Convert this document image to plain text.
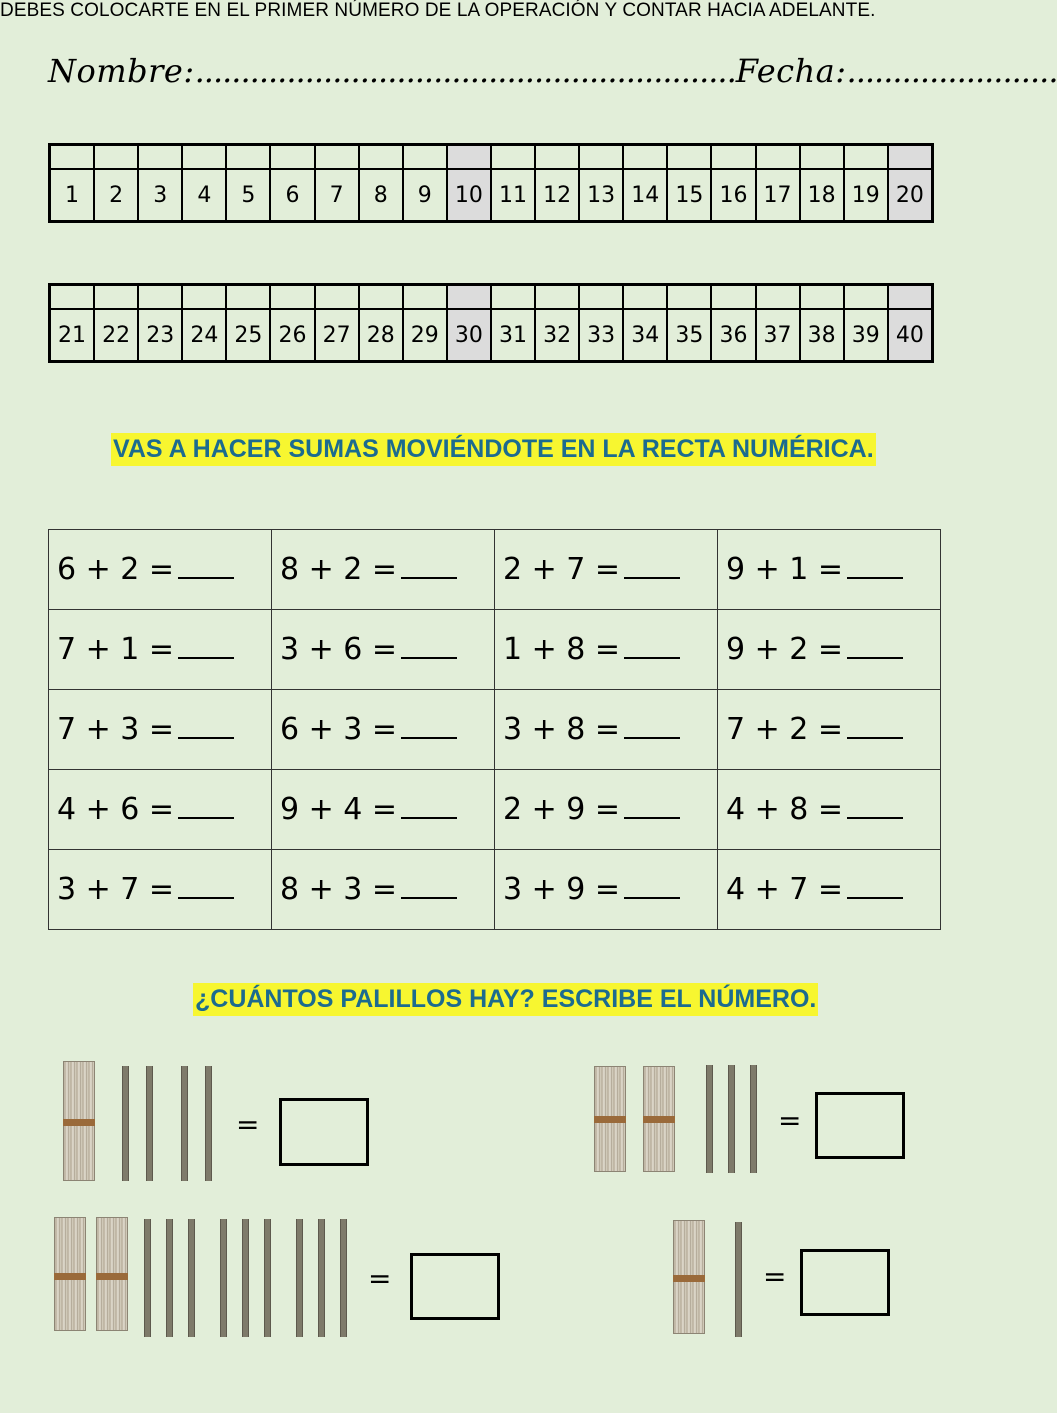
Nombre:...........................................................Fecha:.......................
1	2	3	4	5	6	7	8	9	10 11 12 13 14 15 16 17 18 19 20
21 22 23 24 25 26 27 28 29 30 31 32 33 34 35 36 37 38 39 40
VAS A HACER SUMAS MOVIÉNDOTE EN LA RECTA NUMÉRICA.
DEBES COLOCARTE EN EL PRIMER NÚMERO DE LA OPERACIÓN Y CONTAR HACIA ADELANTE.
6 + 2 =	8 + 2 =	2 + 7 =	9 + 1 =
7 + 1 =	3 + 6 =	1 + 8 =	9 + 2 =
7 + 3 =	6 + 3 =	3 + 8 =	7 + 2 =
4 + 6 =	9 + 4 =	2 + 9 =	4 + 8 =
3 + 7 =	8 + 3 =	3 + 9 =	4 + 7 =
¿CUÁNTOS PALILLOS HAY? ESCRIBE EL NÚMERO.
=	=
=	=
